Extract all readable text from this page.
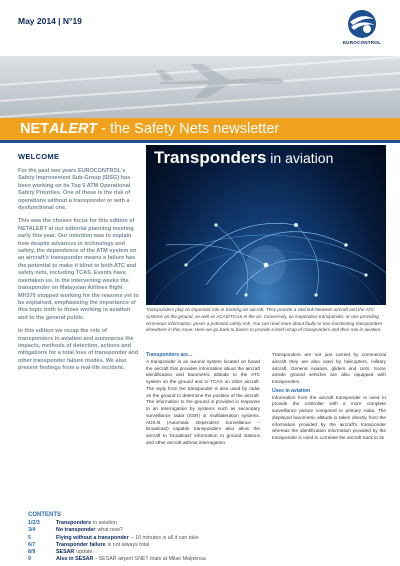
May 2014 | N°19
EUROCONTROL
NETALERT - the Safety Nets newsletter
WELCOME

For the past two years EUROCONTROL's Safety Improvement Sub-Group (SISG) has been working on its Top 5 ATM Operational Safety Priorities. One of these is the risk of operations without a transponder or with a dysfunctional one.

This was the chosen focus for this edition of NETALERT at our editorial planning meeting early this year. Our intention was to explain how despite advances in technology and safety, the dependence of the ATM system on an aircraft's transponder means a failure has the potential to make it blind to both ATC and safety nets, including TCAS. Events have overtaken us. In the intervening weeks the transponder on Malaysian Airlines flight MH370 stopped working for the reasons yet to be explained, emphasising the importance of this topic both to those working in aviation and to the general public.

In this edition we recap the role of transponders in aviation and summarise the impacts, methods of detection, actions and mitigations for a total loss of transponder and other transponder failure modes. We also present findings from a real-life incident.

Transponders in aviation
Transponders play an important role in tracking an aircraft. They provide a vital link between aircraft and the ATC systems on the ground, as well as ACAS/TCAS in the air. Conversely, an inoperative transponder, or one providing erroneous information, poses a potential safety risk. You can read more about faulty or non-functioning transponders elsewhere in this issue. Here we go back to basics to provide a brief recap of transponders and their role in aviation.
Transponders are...

A transponder is an avionic system located on board the aircraft that provides information about the aircraft identification and barometric altitude to the ATC system on the ground and to TCAS on other aircraft. The reply from the transponder is also used by radar on the ground to determine the position of the aircraft. The information to the ground is provided in response to an interrogation by systems such as secondary surveillance radar (SSR) or multilateration systems. ADS-B (Automatic Dependent Surveillance – Broadcast) capable transponders also allow the aircraft to 'broadcast' information to ground stations and other aircraft without interrogation.

Transponders are not just carried by commercial aircraft they are also used by helicopters, military aircraft, General Aviation, gliders and UAS. Some airside ground vehicles are also equipped with transponders.

Uses in aviation

Information from the aircraft transponder is used to provide the controller with a more complete surveillance picture compared to primary radar. The displayed barometric altitude is taken directly from the information provided by the aircraft's transponder whereas the identification information provided by the transponder is used to correlate the aircraft track to its

CONTENTS
1/2/3	Transponders in aviation
3/4	No transponder what now?
5	Flying without a transponder – 10 minutes is all it can take
6/7	Transponder failure is not always total
8/9	SESAR update
9	Also in SESAR - SESAR airport SNET trials at Milan Malpensa
